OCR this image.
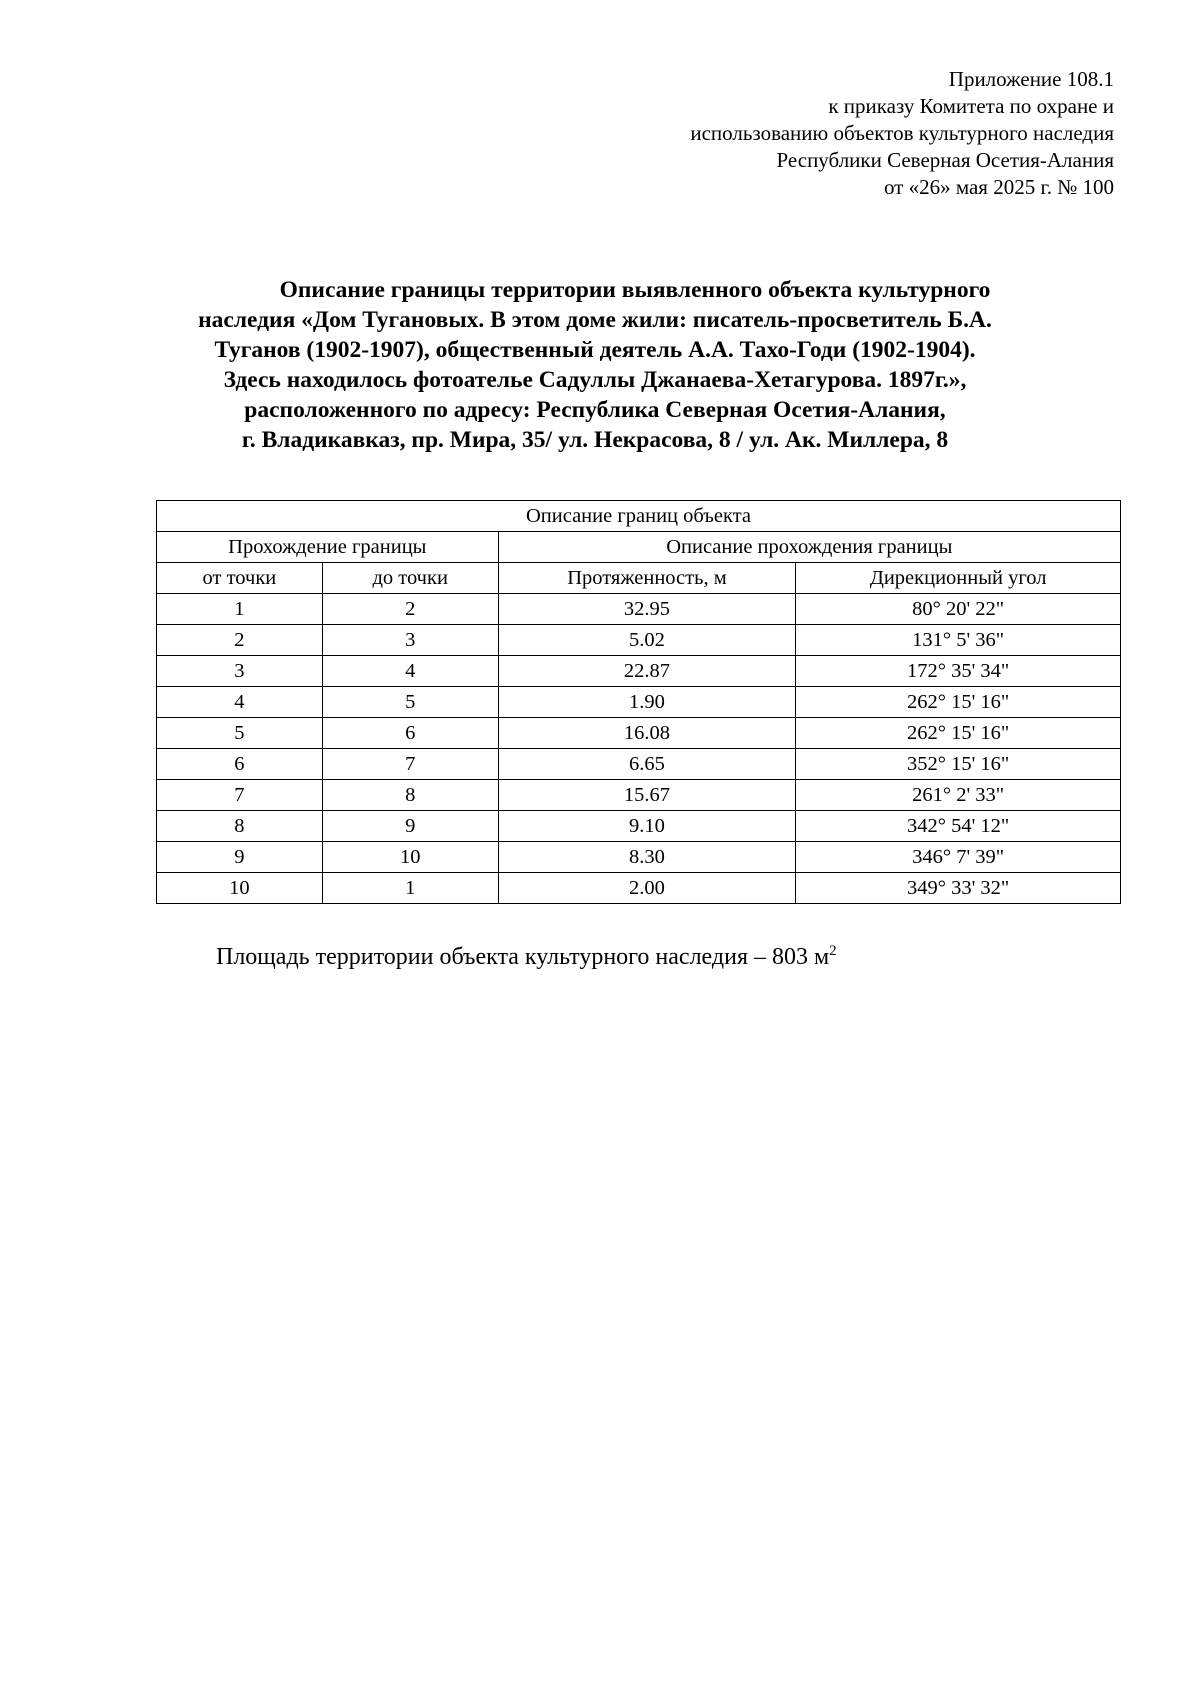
Приложение 108.1
к приказу Комитета по охране и
использованию объектов культурного наследия
Республики Северная Осетия-Алания
от «26» мая 2025 г. № 100
Описание границы территории выявленного объекта культурного
наследия «Дом Тугановых. В этом доме жили: писатель-просветитель Б.А.
Туганов (1902-1907), общественный деятель А.А. Тахо-Годи (1902-1904).
Здесь находилось фотоателье Садуллы Джанаева-Хетагурова. 1897г.»,
расположенного по адресу: Республика Северная Осетия-Алания,
г. Владикавказ, пр. Мира, 35/ ул. Некрасова, 8 / ул. Ак. Миллера, 8
Описание границ объекта			
Прохождение границы		Описание прохождения границы	
от точки	до точки	Протяженность, м	Дирекционный угол
1	2	32.95	80° 20' 22"
2	3	5.02	131° 5' 36"
3	4	22.87	172° 35' 34"
4	5	1.90	262° 15' 16"
5	6	16.08	262° 15' 16"
6	7	6.65	352° 15' 16"
7	8	15.67	261° 2' 33"
8	9	9.10	342° 54' 12"
9	10	8.30	346° 7' 39"
10	1	2.00	349° 33' 32"
Площадь территории объекта культурного наследия – 803 $м^2$
